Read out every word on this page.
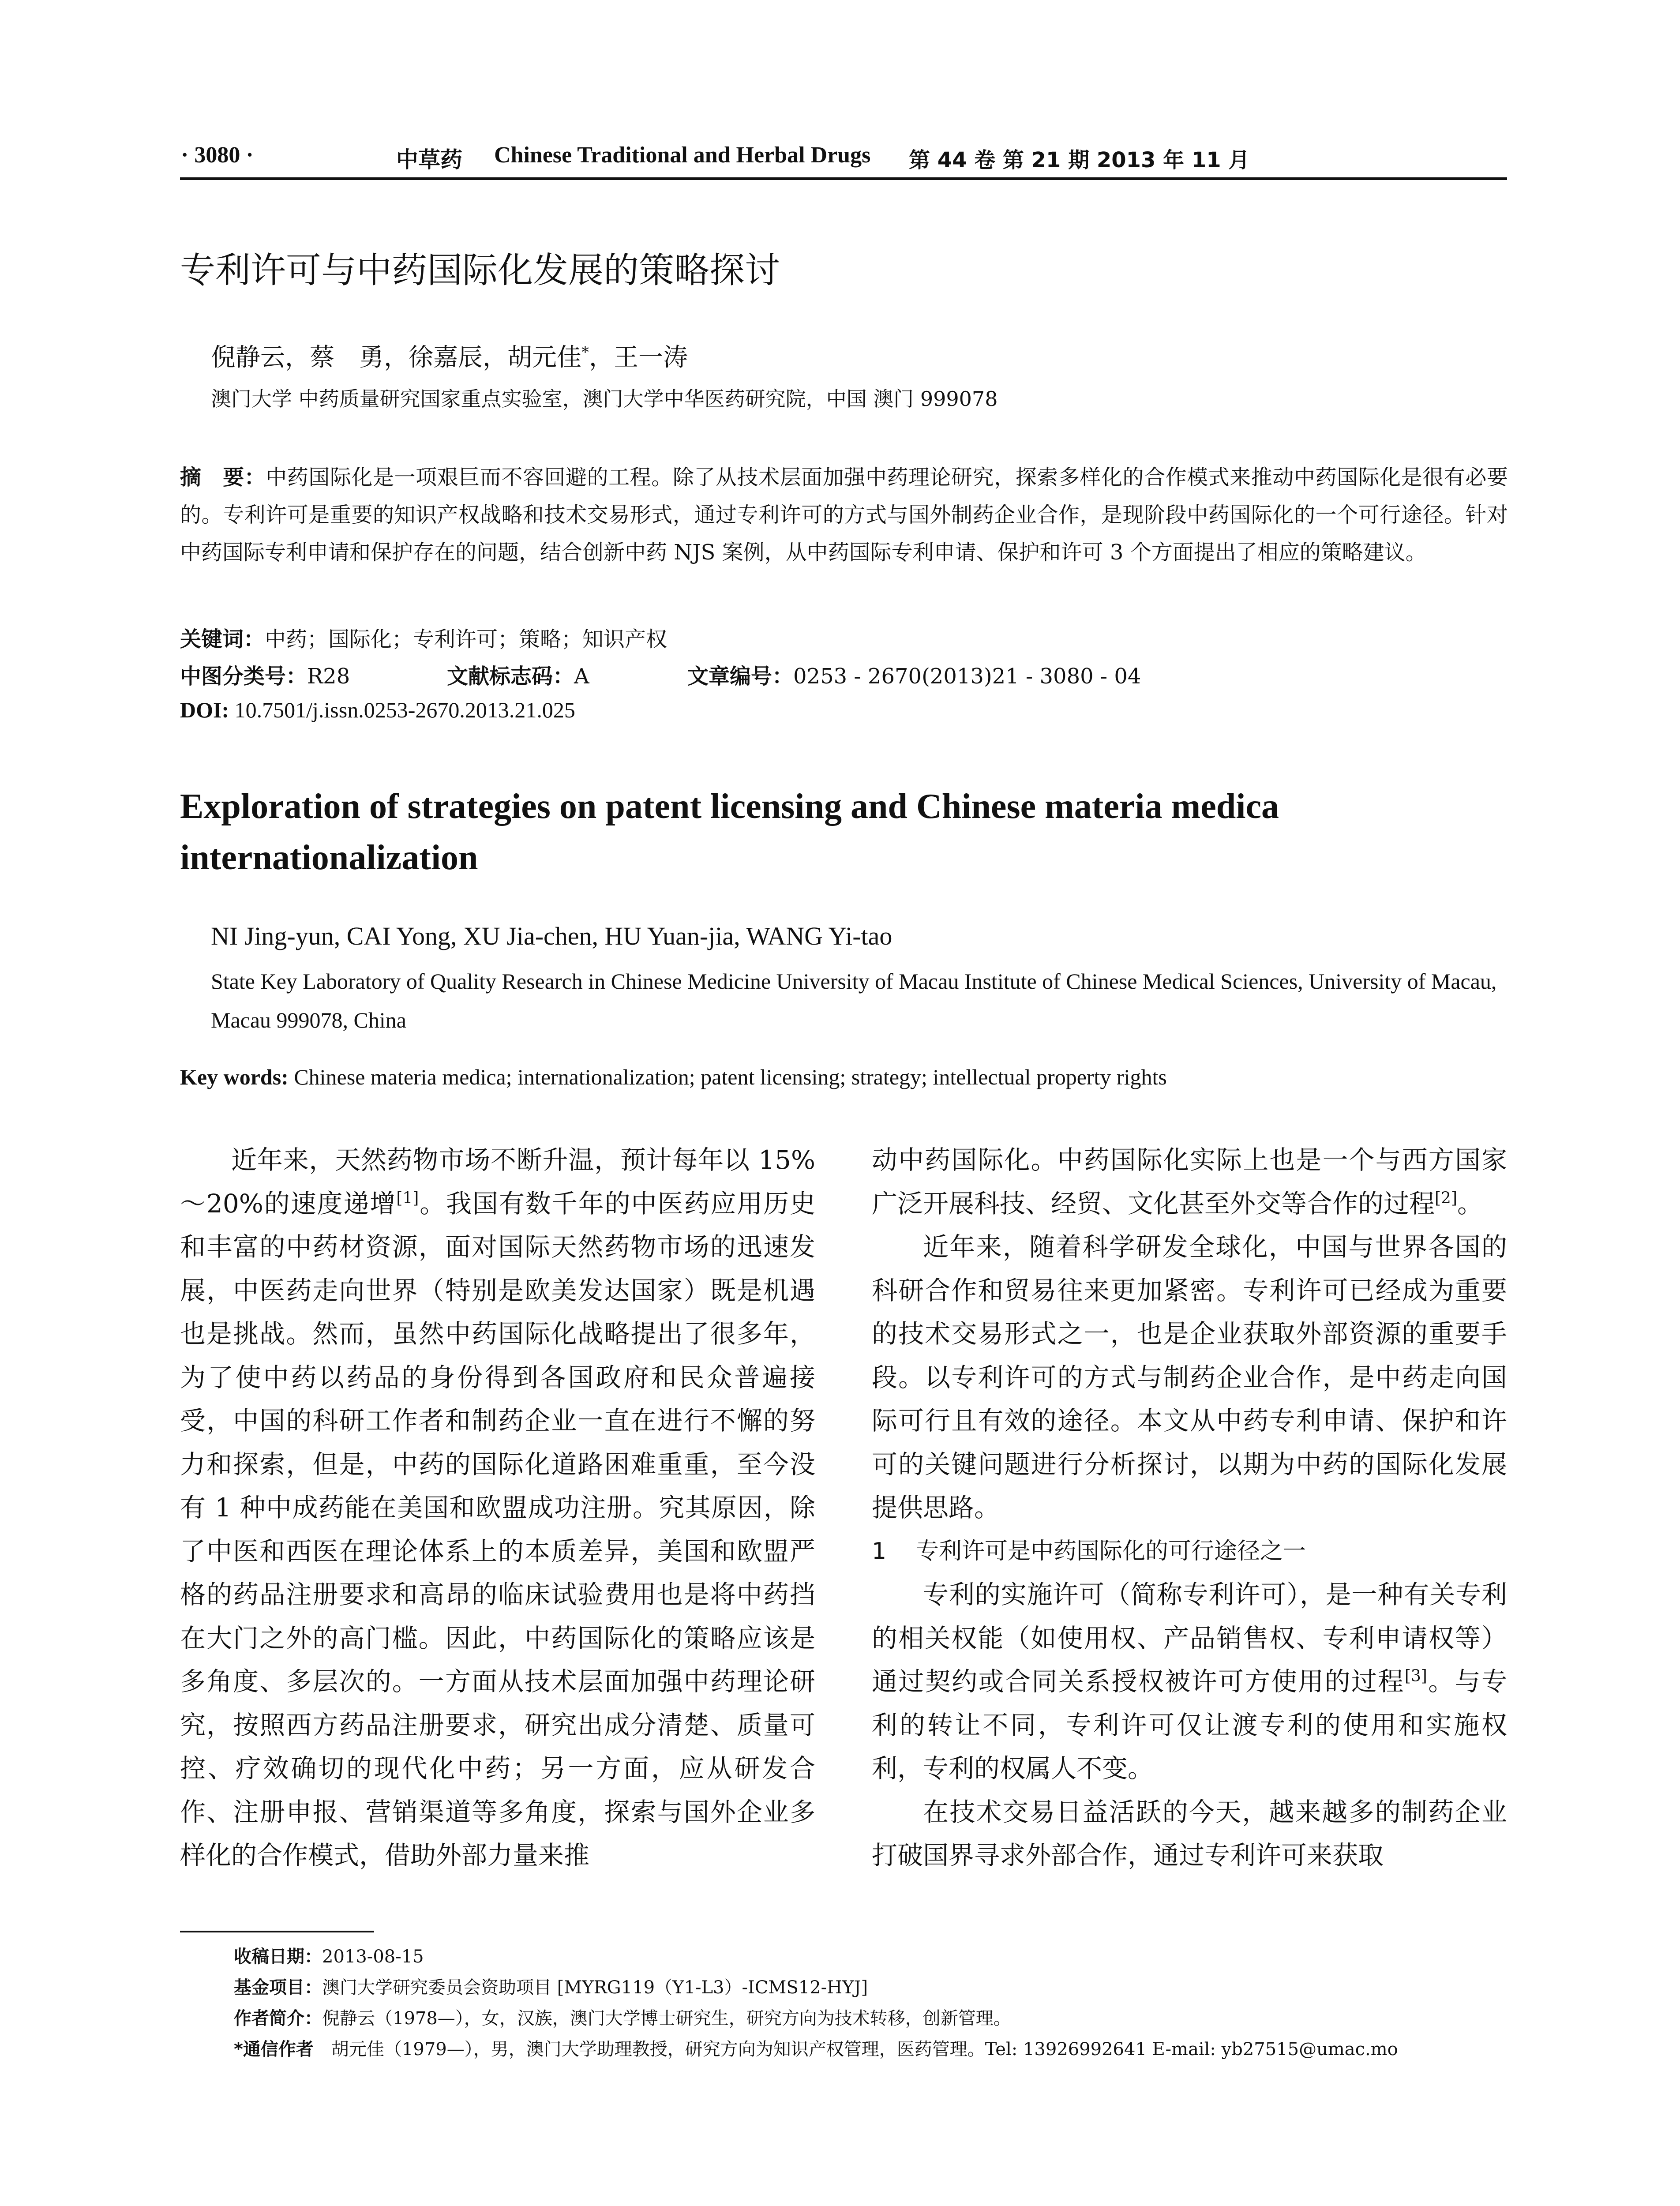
· 3080 ·	中草药 Chinese Traditional and Herbal Drugs 第 44 卷 第 21 期 2013 年 11 月
专利许可与中药国际化发展的策略探讨
倪静云，蔡　勇，徐嘉辰，胡元佳*，王一涛
澳门大学 中药质量研究国家重点实验室，澳门大学中华医药研究院，中国 澳门 999078
摘　要：中药国际化是一项艰巨而不容回避的工程。除了从技术层面加强中药理论研究，探索多样化的合作模式来推动中药国际化是很有必要的。专利许可是重要的知识产权战略和技术交易形式，通过专利许可的方式与国外制药企业合作，是现阶段中药国际化的一个可行途径。针对中药国际专利申请和保护存在的问题，结合创新中药 NJS 案例，从中药国际专利申请、保护和许可 3 个方面提出了相应的策略建议。
关键词：中药；国际化；专利许可；策略；知识产权
中图分类号：R28	文献标志码：A	文章编号：0253 - 2670(2013)21 - 3080 - 04
DOI: 10.7501/j.issn.0253-2670.2013.21.025
Exploration of strategies on patent licensing and Chinese materia medica internationalization
NI Jing-yun, CAI Yong, XU Jia-chen, HU Yuan-jia, WANG Yi-tao
State Key Laboratory of Quality Research in Chinese Medicine University of Macau Institute of Chinese Medical Sciences, University of Macau, Macau 999078, China
Key words: Chinese materia medica; internationalization; patent licensing; strategy; intellectual property rights

近年来，天然药物市场不断升温，预计每年以 15%～20%的速度递增[1]。我国有数千年的中医药应用历史和丰富的中药材资源，面对国际天然药物市场的迅速发展，中医药走向世界（特别是欧美发达国家）既是机遇也是挑战。然而，虽然中药国际化战略提出了很多年，为了使中药以药品的身份得到各国政府和民众普遍接受，中国的科研工作者和制药企业一直在进行不懈的努力和探索，但是，中药的国际化道路困难重重，至今没有 1 种中成药能在美国和欧盟成功注册。究其原因，除了中医和西医在理论体系上的本质差异，美国和欧盟严格的药品注册要求和高昂的临床试验费用也是将中药挡在大门之外的高门槛。因此，中药国际化的策略应该是多角度、多层次的。一方面从技术层面加强中药理论研究，按照西方药品注册要求，研究出成分清楚、质量可控、疗效确切的现代化中药；另一方面，应从研发合作、注册申报、营销渠道等多角度，探索与国外企业多样化的合作模式，借助外部力量来推

动中药国际化。中药国际化实际上也是一个与西方国家广泛开展科技、经贸、文化甚至外交等合作的过程[2]。

近年来，随着科学研发全球化，中国与世界各国的科研合作和贸易往来更加紧密。专利许可已经成为重要的技术交易形式之一，也是企业获取外部资源的重要手段。以专利许可的方式与制药企业合作，是中药走向国际可行且有效的途径。本文从中药专利申请、保护和许可的关键问题进行分析探讨，以期为中药的国际化发展提供思路。

1 专利许可是中药国际化的可行途径之一

专利的实施许可（简称专利许可），是一种有关专利的相关权能（如使用权、产品销售权、专利申请权等）通过契约或合同关系授权被许可方使用的过程[3]。与专利的转让不同，专利许可仅让渡专利的使用和实施权利，专利的权属人不变。

在技术交易日益活跃的今天，越来越多的制药企业打破国界寻求外部合作，通过专利许可来获取

收稿日期：2013-08-15
基金项目：澳门大学研究委员会资助项目 [MYRG119（Y1-L3）-ICMS12-HYJ]
作者简介：倪静云（1978—），女，汉族，澳门大学博士研究生，研究方向为技术转移，创新管理。
*通信作者　 胡元佳（1979—），男，澳门大学助理教授，研究方向为知识产权管理，医药管理。Tel: 13926992641 E-mail: yb27515@umac.mo
